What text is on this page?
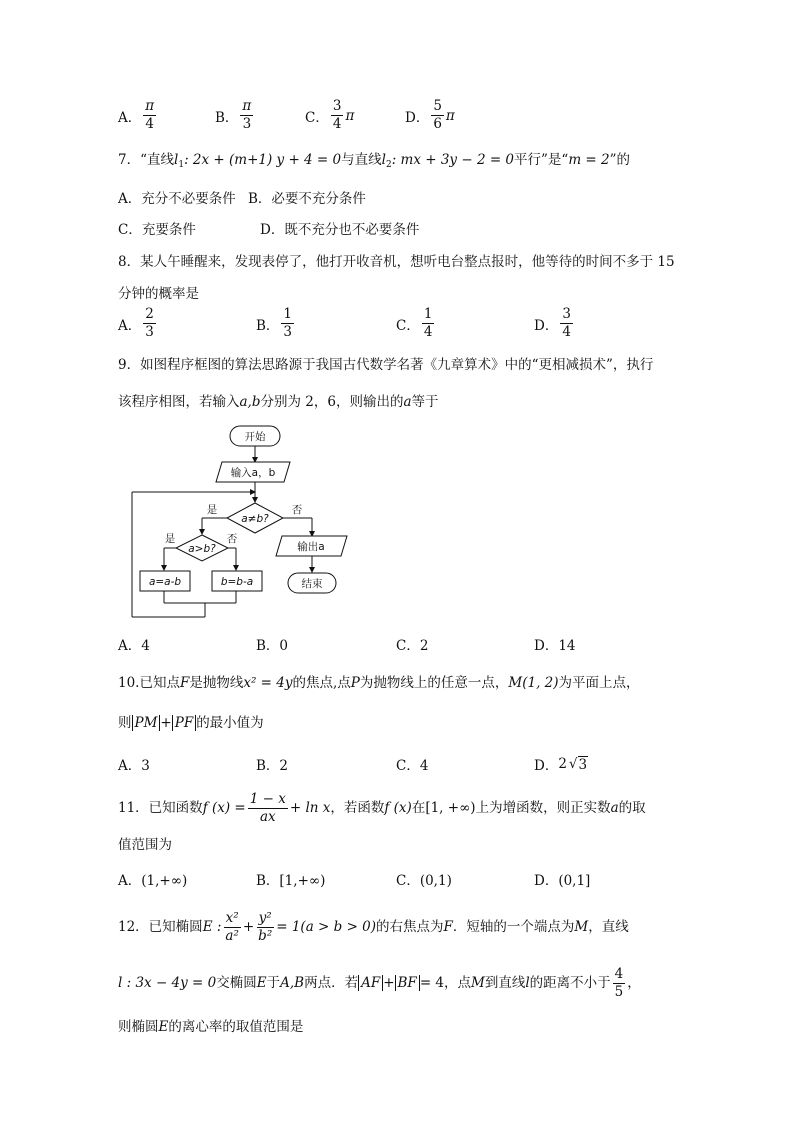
A． $\frac{\pi}{4}$	B． $\frac{\pi}{3}$	C． $\frac{3}{4}$ π	D． $\frac{5}{6}$ π
7．“直线$l_1$: 2x + (m+1) y + 4 = 0与直线$l_2$: mx + 3y − 2 = 0平行”是“m = 2”的
A．充分不必要条件 B．必要不充分条件
C．充要条件	D．既不充分也不必要条件
8．某人午睡醒来，发现表停了，他打开收音机，想听电台整点报时，他等待的时间不多于 15
分钟的概率是
A． $\frac{2}{3}$	B． $\frac{1}{3}$	C． $\frac{1}{4}$	D． $\frac{3}{4}$
9．如图程序框图的算法思路源于我国古代数学名著《九章算术》中的“更相减损术”，执行
该程序相图，若输入a,b分别为 2，6，则输出的a等于
开始
输入a，b
a≠b?
是	否
a>b?
是	否
a=a-b	b=b-a
输出a
结束
A．4	B．0	C．2	D．14
10.已知点F是抛物线x² = 4y的焦点,点P为抛物线上的任意一点，M(1, 2)为平面上点，
则 PM + PF 的最小值为
A．3	B．2	C．4	D． 2 √ 3
11．已知函数f $(x) = \frac{1 - x}{ax} + \ln x$，若函数f (x)在[1, +∞)上为增函数，则正实数a的取
值范围为
A．(1,+∞)	B．[1,+∞)	C．(0,1)	D．(0,1]
12．已知椭圆E : $\frac{\text{x²}}{\text{a²}} + \frac{\text{y²}}{\text{b²}} = 1(a > b > 0)$的右焦点为F．短轴的一个端点为M，直线
l : 3x − 4y = 0交椭圆E于A,B两点．若 AF + BF = 4，点M到直线l的距离不小于 $\frac{4}{5}$ ，
则椭圆E的离心率的取值范围是
